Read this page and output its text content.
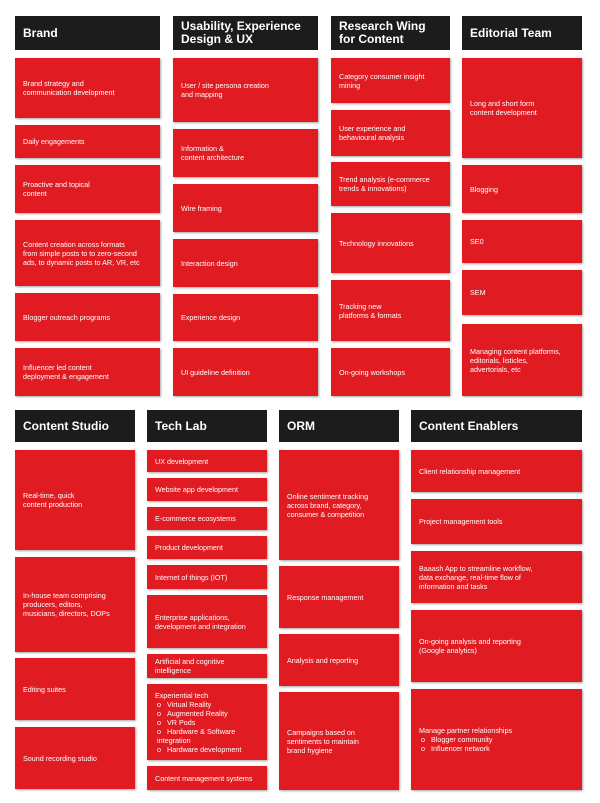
Brand
Brand strategy and
communication development
Daily engagements
Proactive and topical
content
Content creation across formats
from simple posts to to zero-second
ads, to dynamic posts to AR, VR, etc
Blogger outreach programs
Influencer led content
deployment & engagement
Usability, Experience
Design & UX
User / site persona creation
and mapping
Information &
content architecture
Wire framing
Interaction design
Experience design
UI guideline definition
Research Wing
for Content
Category consumer insight
mining
User experience and
behavioural analysis
Trend analysis (e-commerce
trends & innovations)
Technology innovations
Tracking new
platforms & formats
On-going workshops
Editorial Team
Long and short form
content development
Blogging
SE0
SEM
Managing content platforms,
editorials, listicles,
advertorials, etc
Content Studio
Real-time, quick
content production
In-house team comprising
producers, editors,
musicians, directors, DOPs
Editing suites
Sound recording studio
Tech Lab
UX development
Website app development
E-commerce ecosystems
Product development
Internet of things (IOT)
Enterprise applications,
development and integration
Artificial and cognitive
intelligence
Experiential tech
o Virtual Reality
o Augmented Reality
o VR Pods
o Hardware & Software
integration
o Hardware development
Content management systems
ORM
Online sentiment tracking
across brand, category,
consumer & competition
Response management
Analysis and reporting
Campaigns based on
sentiments to maintain
brand hygiene
Content Enablers
Client relationship management
Project management tools
Baaash App to streamline workflow,
data exchange, real-time flow of
information and tasks
On-going analysis and reporting
(Google analytics)
Manage partner relationships
o Blogger community
o Influencer network
